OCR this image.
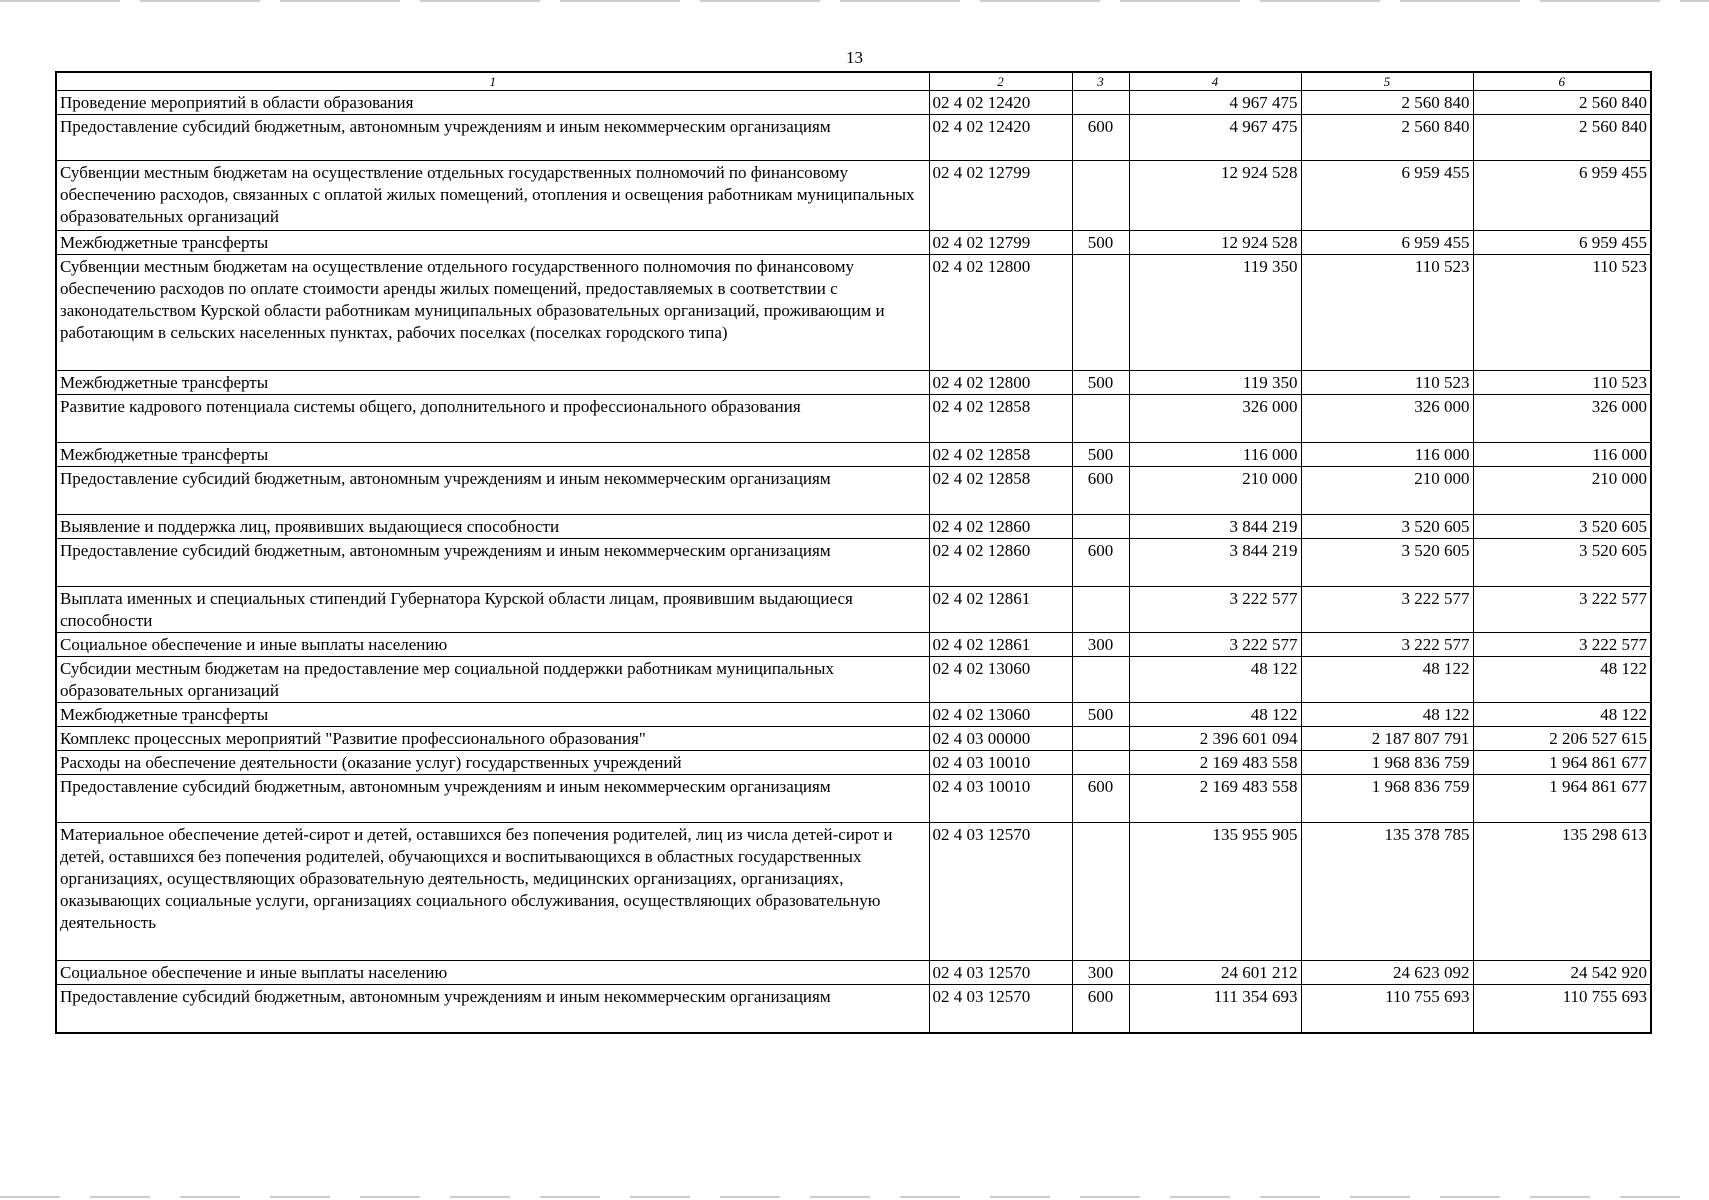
13
1	2	3	4	5	6
Проведение мероприятий в области образования	02 4 02 12420		4 967 475	2 560 840	2 560 840
Предоставление субсидий бюджетным, автономным учреждениям и иным некоммерческим организациям	02 4 02 12420	600	4 967 475	2 560 840	2 560 840
Субвенции местным бюджетам на осуществление отдельных государственных полномочий по финансовому обеспечению расходов, связанных с оплатой жилых помещений, отопления и освещения работникам муниципальных образовательных организаций	02 4 02 12799		12 924 528	6 959 455	6 959 455
Межбюджетные трансферты	02 4 02 12799	500	12 924 528	6 959 455	6 959 455
Субвенции местным бюджетам на осуществление отдельного государственного полномочия по финансовому обеспечению расходов по оплате стоимости аренды жилых помещений, предоставляемых в соответствии с законодательством Курской области работникам муниципальных образовательных организаций, проживающим и работающим в сельских населенных пунктах, рабочих поселках (поселках городского типа)	02 4 02 12800		119 350	110 523	110 523
Межбюджетные трансферты	02 4 02 12800	500	119 350	110 523	110 523
Развитие кадрового потенциала системы общего, дополнительного и профессионального образования	02 4 02 12858		326 000	326 000	326 000
Межбюджетные трансферты	02 4 02 12858	500	116 000	116 000	116 000
Предоставление субсидий бюджетным, автономным учреждениям и иным некоммерческим организациям	02 4 02 12858	600	210 000	210 000	210 000
Выявление и поддержка лиц, проявивших выдающиеся способности	02 4 02 12860		3 844 219	3 520 605	3 520 605
Предоставление субсидий бюджетным, автономным учреждениям и иным некоммерческим организациям	02 4 02 12860	600	3 844 219	3 520 605	3 520 605
Выплата именных и специальных стипендий Губернатора Курской области лицам, проявившим выдающиеся способности	02 4 02 12861		3 222 577	3 222 577	3 222 577
Социальное обеспечение и иные выплаты населению	02 4 02 12861	300	3 222 577	3 222 577	3 222 577
Субсидии местным бюджетам на предоставление мер социальной поддержки работникам муниципальных образовательных организаций	02 4 02 13060		48 122	48 122	48 122
Межбюджетные трансферты	02 4 02 13060	500	48 122	48 122	48 122
Комплекс процессных мероприятий "Развитие профессионального образования"	02 4 03 00000		2 396 601 094	2 187 807 791	2 206 527 615
Расходы на обеспечение деятельности (оказание услуг) государственных учреждений	02 4 03 10010		2 169 483 558	1 968 836 759	1 964 861 677
Предоставление субсидий бюджетным, автономным учреждениям и иным некоммерческим организациям	02 4 03 10010	600	2 169 483 558	1 968 836 759	1 964 861 677
Материальное обеспечение детей-сирот и детей, оставшихся без попечения родителей, лиц из числа детей-сирот и детей, оставшихся без попечения родителей, обучающихся и воспитывающихся в областных государственных организациях, осуществляющих образовательную деятельность, медицинских организациях, организациях, оказывающих социальные услуги, организациях социального обслуживания, осуществляющих образовательную деятельность	02 4 03 12570		135 955 905	135 378 785	135 298 613
Социальное обеспечение и иные выплаты населению	02 4 03 12570	300	24 601 212	24 623 092	24 542 920
Предоставление субсидий бюджетным, автономным учреждениям и иным некоммерческим организациям	02 4 03 12570	600	111 354 693	110 755 693	110 755 693
